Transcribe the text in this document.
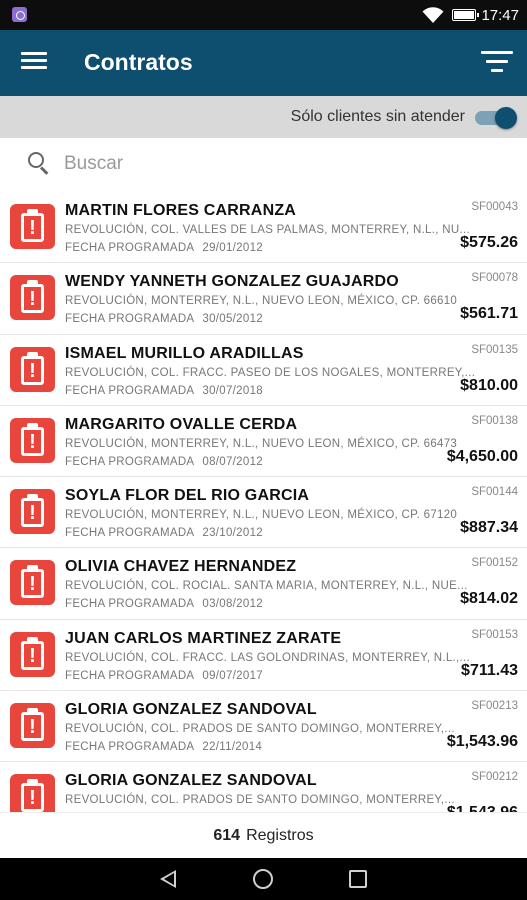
17:47
Contratos
Sólo clientes sin atender
Buscar
!
MARTIN FLORES CARRANZA	SF00043
REVOLUCIÓN, COL. VALLES DE LAS PALMAS, MONTERREY, N.L., NU...
FECHA PROGRAMADA 29/01/2012	$575.26
!
WENDY YANNETH GONZALEZ GUAJARDO	SF00078
REVOLUCIÓN, MONTERREY, N.L., NUEVO LEON, MÉXICO, CP. 66610
FECHA PROGRAMADA 30/05/2012	$561.71
!
ISMAEL MURILLO ARADILLAS	SF00135
REVOLUCIÓN, COL. FRACC. PASEO DE LOS NOGALES, MONTERREY,...
FECHA PROGRAMADA 30/07/2018	$810.00
!
MARGARITO OVALLE CERDA	SF00138
REVOLUCIÓN, MONTERREY, N.L., NUEVO LEON, MÉXICO, CP. 66473
FECHA PROGRAMADA 08/07/2012	$4,650.00
!
SOYLA FLOR DEL RIO GARCIA	SF00144
REVOLUCIÓN, MONTERREY, N.L., NUEVO LEON, MÉXICO, CP. 67120
FECHA PROGRAMADA 23/10/2012	$887.34
!
OLIVIA CHAVEZ HERNANDEZ	SF00152
REVOLUCIÓN, COL. ROCIAL. SANTA MARIA, MONTERREY, N.L., NUE...
FECHA PROGRAMADA 03/08/2012	$814.02
!
JUAN CARLOS MARTINEZ ZARATE	SF00153
REVOLUCIÓN, COL. FRACC. LAS GOLONDRINAS, MONTERREY, N.L.,...
FECHA PROGRAMADA 09/07/2017	$711.43
!
GLORIA GONZALEZ SANDOVAL	SF00213
REVOLUCIÓN, COL. PRADOS DE SANTO DOMINGO, MONTERREY,...
FECHA PROGRAMADA 22/11/2014	$1,543.96
!
GLORIA GONZALEZ SANDOVAL	SF00212
REVOLUCIÓN, COL. PRADOS DE SANTO DOMINGO, MONTERREY,...
614 Registros
